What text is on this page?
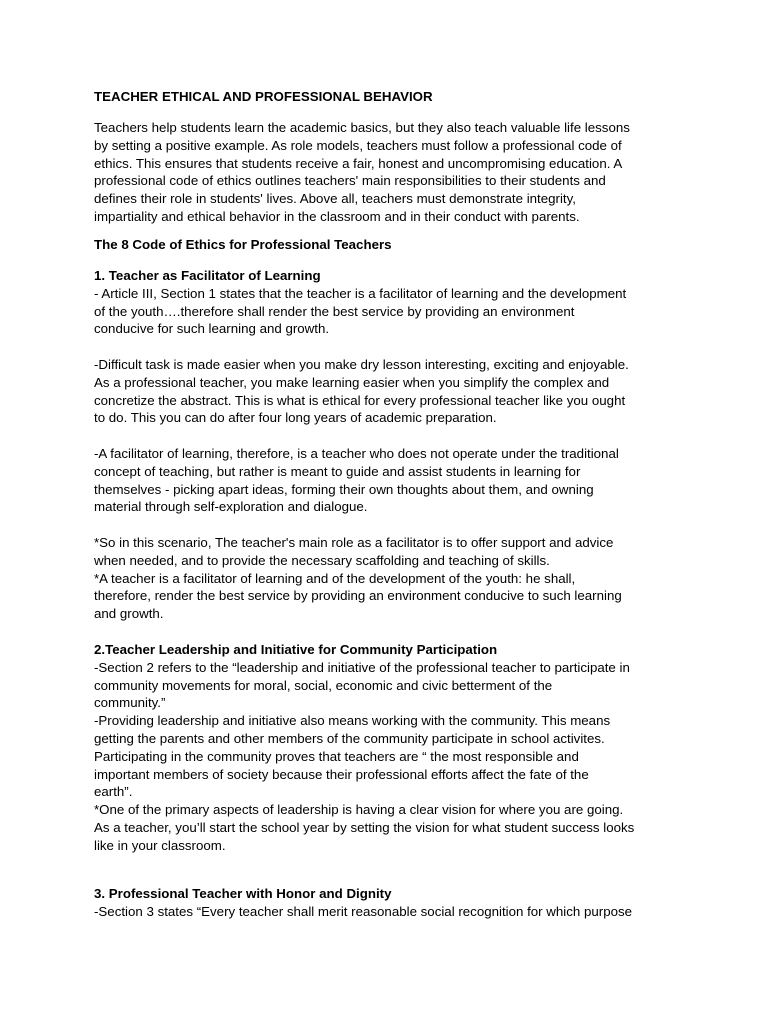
TEACHER ETHICAL AND PROFESSIONAL BEHAVIOR
Teachers help students learn the academic basics, but they also teach valuable life lessons
by setting a positive example. As role models, teachers must follow a professional code of
ethics. This ensures that students receive a fair, honest and uncompromising education. A
professional code of ethics outlines teachers' main responsibilities to their students and
defines their role in students' lives. Above all, teachers must demonstrate integrity,
impartiality and ethical behavior in the classroom and in their conduct with parents.
The 8 Code of Ethics for Professional Teachers
1. Teacher as Facilitator of Learning
- Article III, Section 1 states that the teacher is a facilitator of learning and the development
of the youth….therefore shall render the best service by providing an environment
conducive for such learning and growth.
-Difficult task is made easier when you make dry lesson interesting, exciting and enjoyable.
As a professional teacher, you make learning easier when you simplify the complex and
concretize the abstract. This is what is ethical for every professional teacher like you ought
to do. This you can do after four long years of academic preparation.
-A facilitator of learning, therefore, is a teacher who does not operate under the traditional
concept of teaching, but rather is meant to guide and assist students in learning for
themselves - picking apart ideas, forming their own thoughts about them, and owning
material through self-exploration and dialogue.
*So in this scenario, The teacher's main role as a facilitator is to offer support and advice
when needed, and to provide the necessary scaffolding and teaching of skills.
*A teacher is a facilitator of learning and of the development of the youth: he shall,
therefore, render the best service by providing an environment conducive to such learning
and growth.
2.Teacher Leadership and Initiative for Community Participation
-Section 2 refers to the “leadership and initiative of the professional teacher to participate in
community movements for moral, social, economic and civic betterment of the
community.”
-Providing leadership and initiative also means working with the community. This means
getting the parents and other members of the community participate in school activites.
Participating in the community proves that teachers are “ the most responsible and
important members of society because their professional efforts affect the fate of the
earth”.
*One of the primary aspects of leadership is having a clear vision for where you are going.
As a teacher, you’ll start the school year by setting the vision for what student success looks
like in your classroom.
3. Professional Teacher with Honor and Dignity
-Section 3 states “Every teacher shall merit reasonable social recognition for which purpose
